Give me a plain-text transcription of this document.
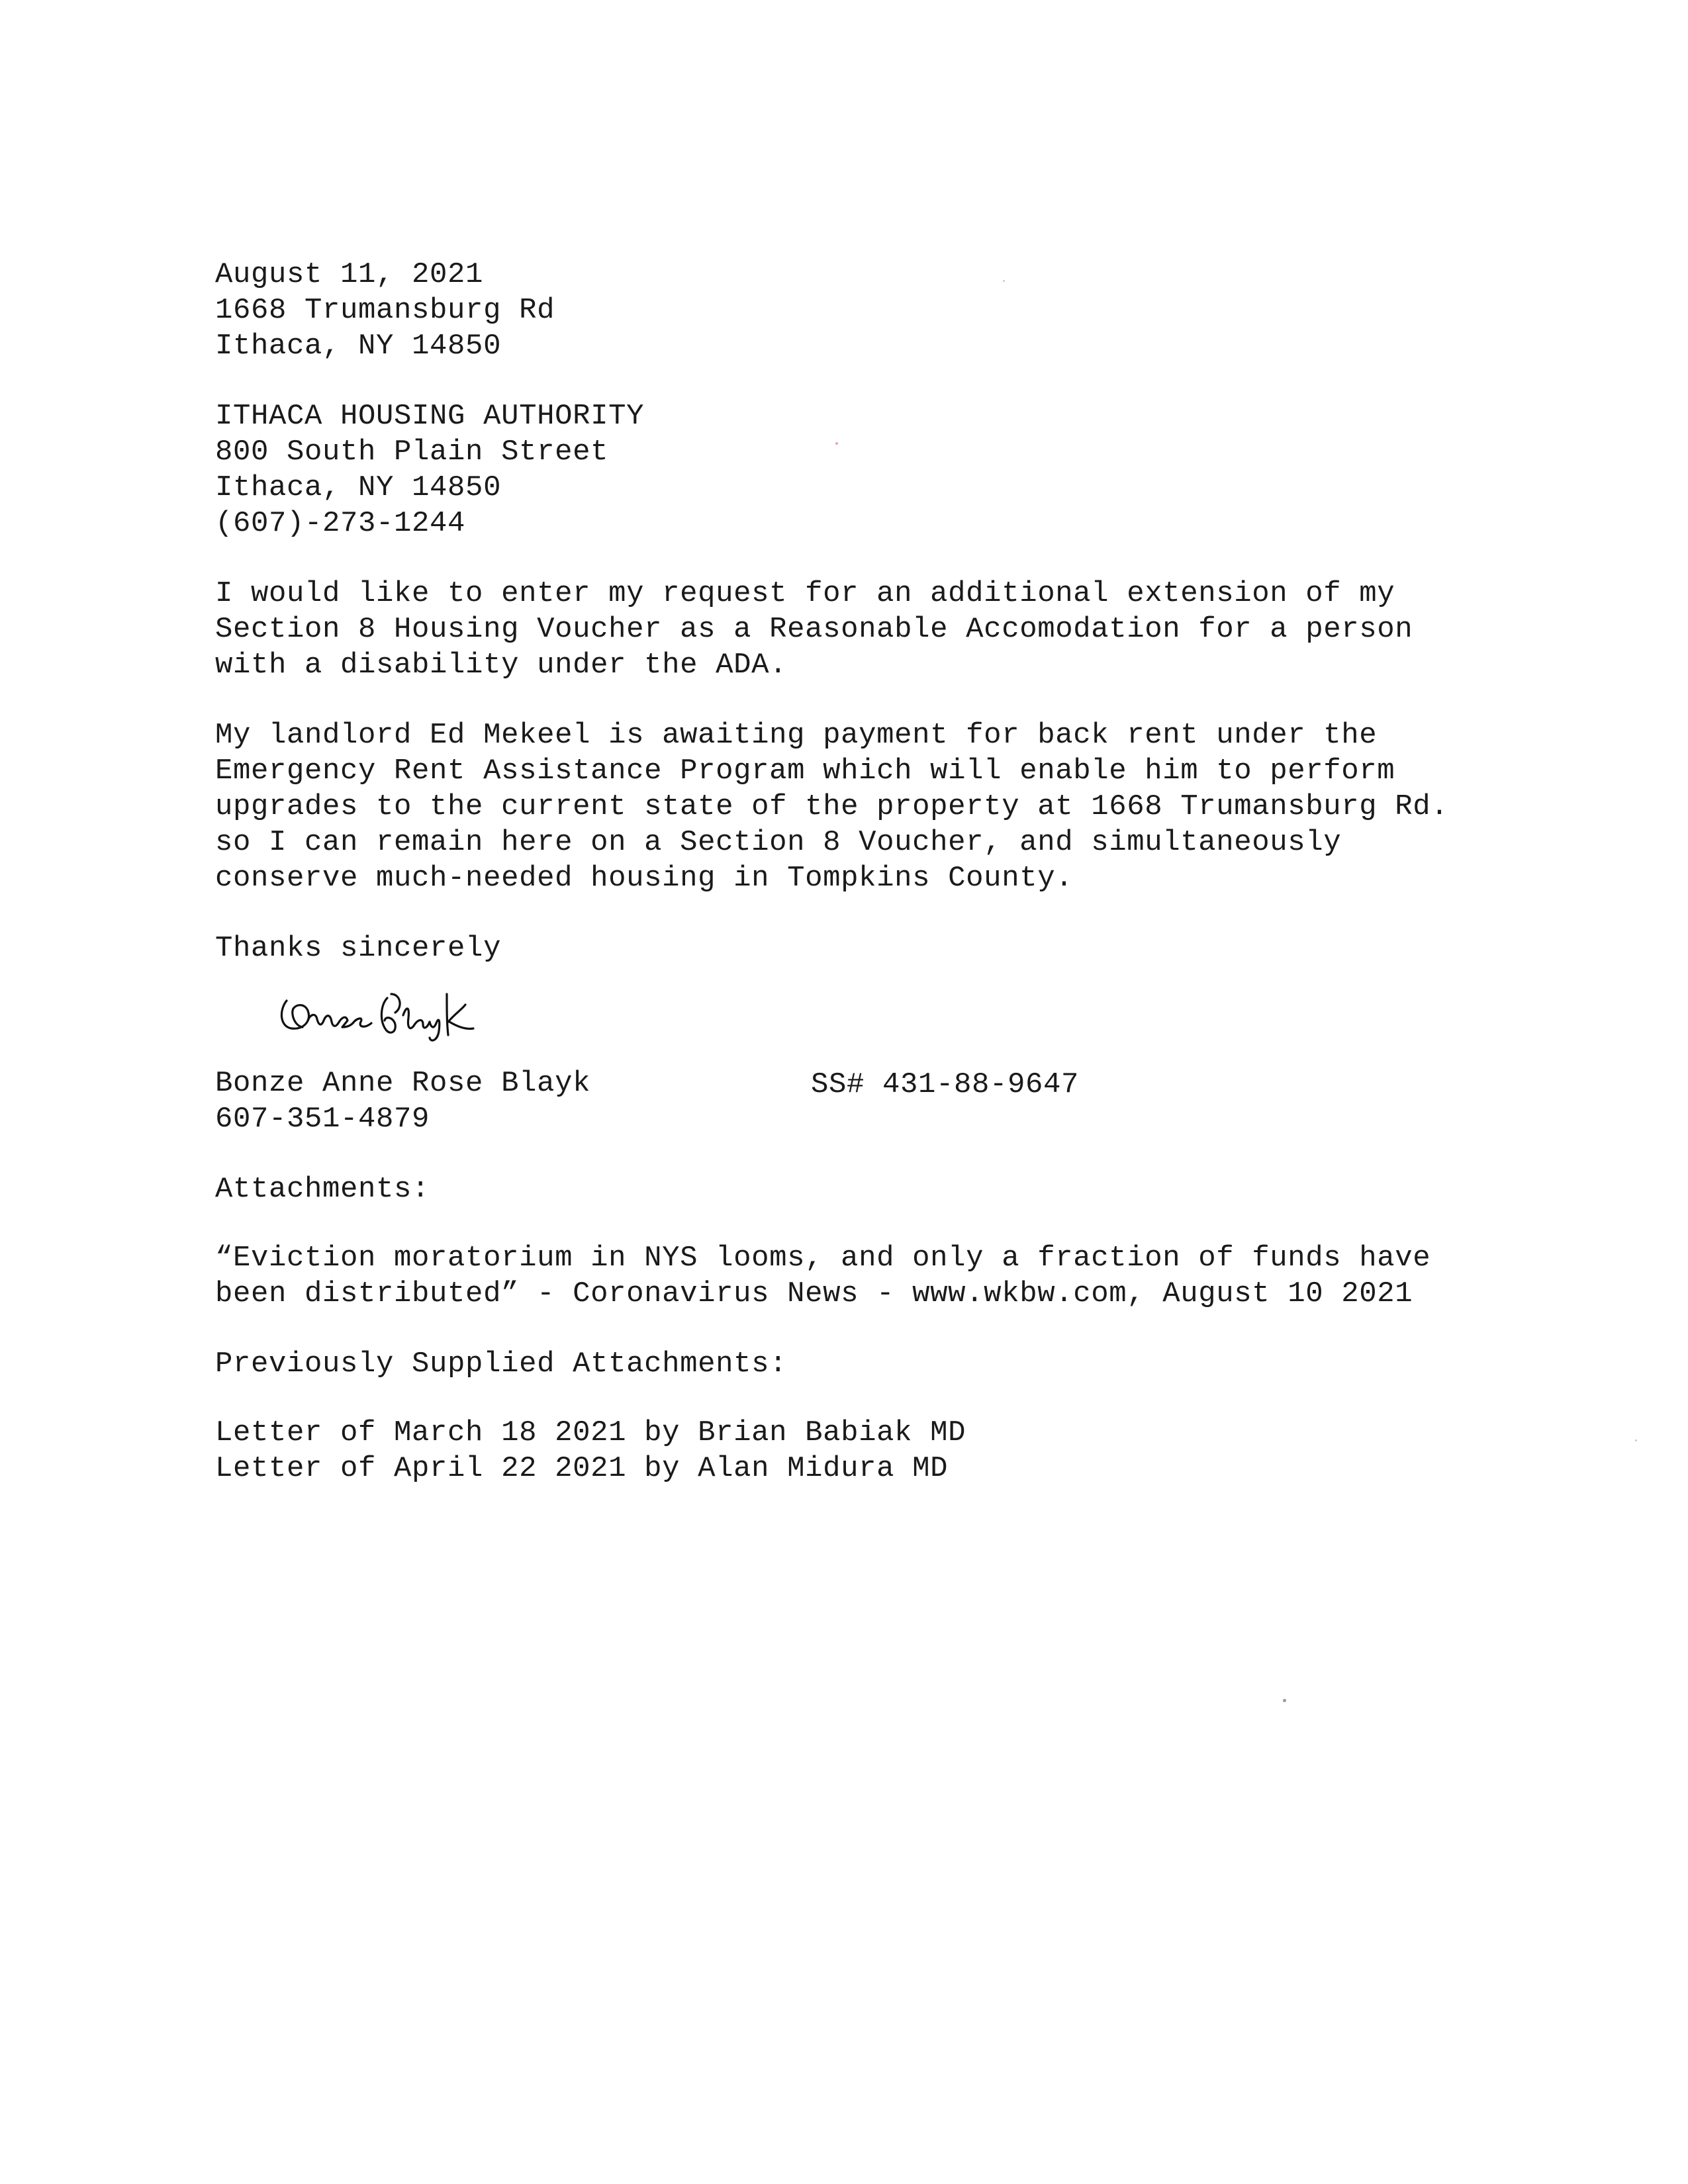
August 11, 2021
1668 Trumansburg Rd
Ithaca, NY 14850
ITHACA HOUSING AUTHORITY
800 South Plain Street
Ithaca, NY 14850
(607)-273-1244
I would like to enter my request for an additional extension of my
Section 8 Housing Voucher as a Reasonable Accomodation for a person
with a disability under the ADA.
My landlord Ed Mekeel is awaiting payment for back rent under the
Emergency Rent Assistance Program which will enable him to perform
upgrades to the current state of the property at 1668 Trumansburg Rd.
so I can remain here on a Section 8 Voucher, and simultaneously
conserve much-needed housing in Tompkins County.
Thanks sincerely
Bonze Anne Rose Blayk	SS# 431-88-9647
607-351-4879
Attachments:
“Eviction moratorium in NYS looms, and only a fraction of funds have
been distributed” - Coronavirus News - www.wkbw.com, August 10 2021
Previously Supplied Attachments:
Letter of March 18 2021 by Brian Babiak MD
Letter of April 22 2021 by Alan Midura MD
